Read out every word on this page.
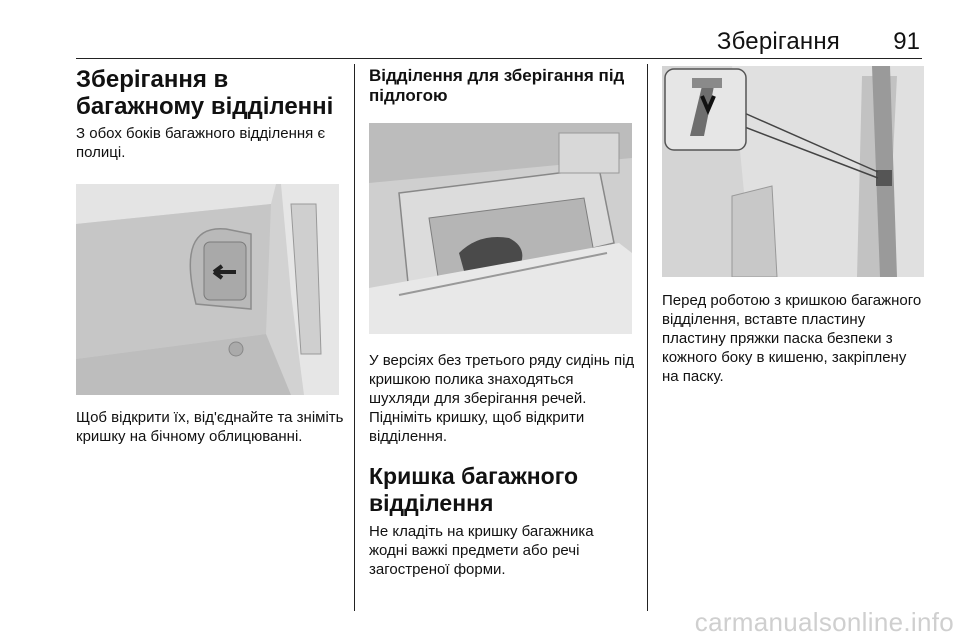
Зберігання 91
Зберігання в багажному відділенні

З обох боків багажного відділення є полиці.

Щоб відкрити їх, від'єднайте та зніміть кришку на бічному облицюванні.

Відділення для зберігання під підлогою

У версіях без третього ряду сидінь під кришкою полика знаходяться шухляди для зберігання речей. Підніміть кришку, щоб відкрити відділення.

Кришка багажного відділення

Не кладіть на кришку багажника жодні важкі предмети або речі загостреної форми.

Перед роботою з кришкою багажного відділення, вставте пластину пластину пряжки паска безпеки з кожного боку в кишеню, закріплену на паску.

carmanualsonline.info
